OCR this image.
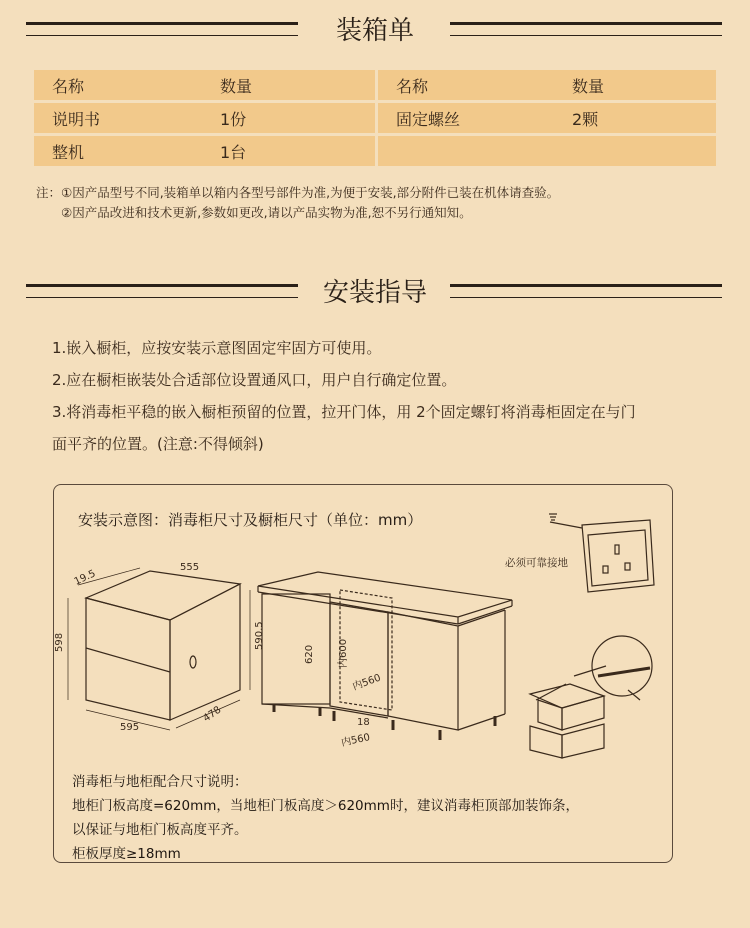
装箱单
名称	数量		名称	数量
说明书	1份		固定螺丝	2颗
整机	1台			
注：①因产品型号不同,装箱单以箱内各型号部件为准,为便于安装,部分附件已装在机体请查验。
②因产品改进和技术更新,参数如更改,请以产品实物为准,恕不另行通知知。
安装指导
1.嵌入橱柜，应按安装示意图固定牢固方可使用。
2.应在橱柜嵌装处合适部位设置通风口，用户自行确定位置。
3.将消毒柜平稳的嵌入橱柜预留的位置，拉开门体，用 2个固定螺钉将消毒柜固定在与门
面平齐的位置。(注意:不得倾斜)
安装示意图：消毒柜尺寸及橱柜尺寸（单位：mm）
19.5
555
598	590.5
595
478
620 内600
内560
18
内560
必须可靠接地
消毒柜与地柜配合尺寸说明：
地柜门板高度=620mm，当地柜门板高度＞620mm时，建议消毒柜顶部加装饰条，
以保证与地柜门板高度平齐。
柜板厚度≥18mm
